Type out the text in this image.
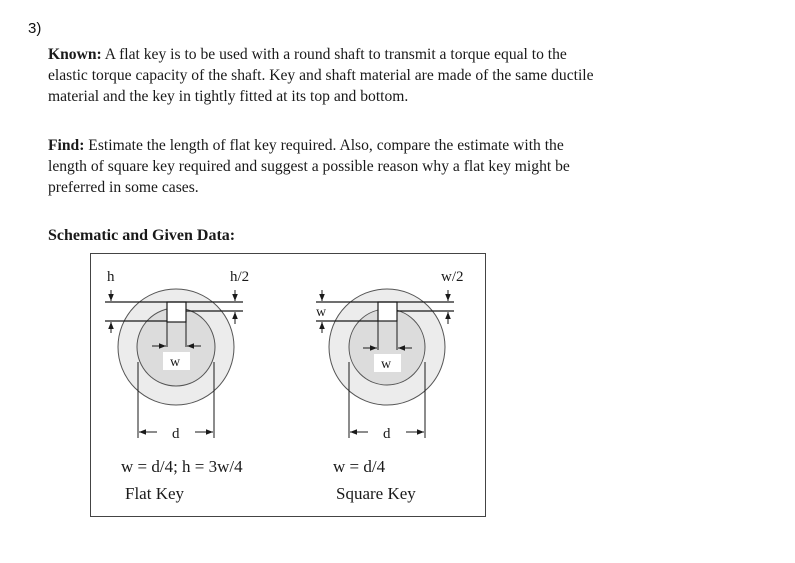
3)
Known: A flat key is to be used with a round shaft to transmit a torque equal to the
elastic torque capacity of the shaft. Key and shaft material are made of the same ductile
material and the key in tightly fitted at its top and bottom.
Find: Estimate the length of flat key required. Also, compare the estimate with the
length of square key required and suggest a possible reason why a flat key might be
preferred in some cases.
Schematic and Given Data:
h	h/2
w
d
w
w/2
w
d
w = d/4; h = 3w/4
Flat Key
w = d/4
Square Key
